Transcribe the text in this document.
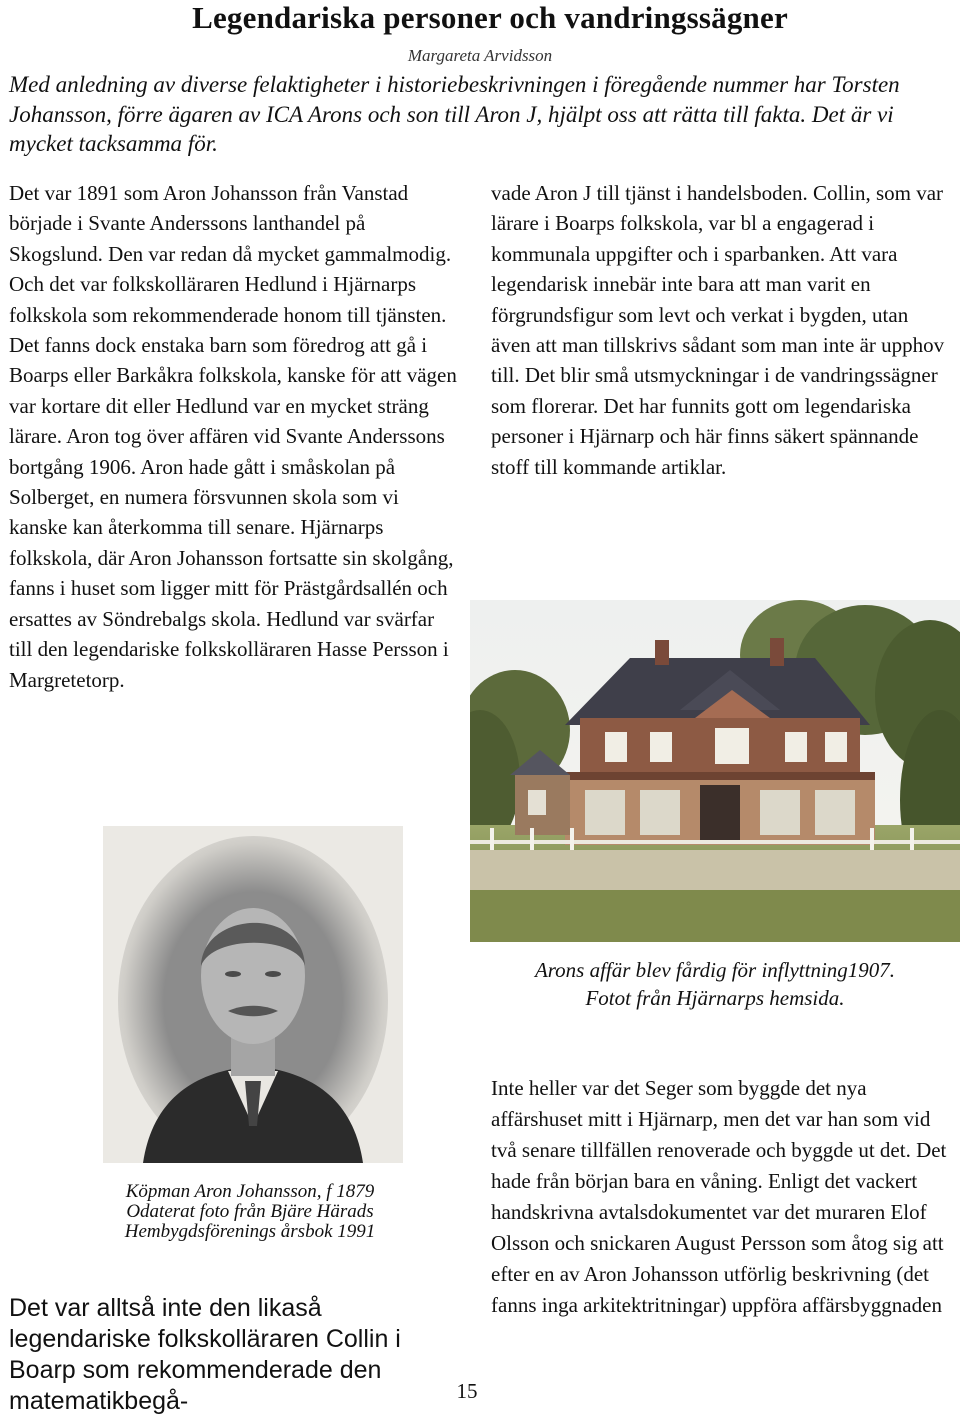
Legendariska personer och vandringssägner
Margareta Arvidsson

Med anledning av diverse felaktigheter i historiebeskrivningen i föregående nummer har Torsten Johansson, förre ägaren av ICA Arons och son till Aron J, hjälpt oss att rätta till fakta. Det är vi mycket tacksamma för.

Det var 1891 som Aron Johansson från Vanstad började i Svante Anderssons lanthandel på Skogslund. Den var redan då mycket gammalmodig. Och det var folkskolläraren Hedlund i Hjärnarps folkskola som rekommenderade honom till tjänsten. Det fanns dock enstaka barn som föredrog att gå i Boarps eller Barkåkra folkskola, kanske för att vägen var kortare dit eller Hedlund var en mycket sträng lärare. Aron tog över affären vid Svante Anderssons bortgång 1906. Aron hade gått i småskolan på Solberget, en numera försvunnen skola som vi kanske kan återkomma till senare. Hjärnarps folkskola, där Aron Johansson fortsatte sin skolgång, fanns i huset som ligger mitt för Prästgårdsallén och ersattes av Söndrebalgs skola. Hedlund var svärfar till den legendariske folkskolläraren Hasse Persson i Margretetorp.

vade Aron J till tjänst i handelsboden. Collin, som var lärare i Boarps folkskola, var bl a engagerad i kommunala uppgifter och i sparbanken. Att vara legendarisk innebär inte bara att man varit en förgrundsfigur som levt och verkat i bygden, utan även att man tillskrivs sådant som man inte är upphov till. Det blir små utsmyckningar i de vandringssägner som florerar. Det har funnits gott om legendariska personer i Hjärnarp och här finns säkert spännande stoff till kommande artiklar.

Arons affär blev fårdig för inflyttning1907.
Fotot från Hjärnarps hemsida.
Köpman Aron Johansson, f 1879
Odaterat foto från Bjäre Härads
Hembygdsförenings årsbok 1991

Det var alltså inte den likaså legendariske folkskolläraren Collin i Boarp som rekommenderade den matematikbegå-

Inte heller var det Seger som byggde det nya affärshuset mitt i Hjärnarp, men det var han som vid två senare tillfällen renoverade och byggde ut det. Det hade från början bara en våning. Enligt det vackert handskrivna avtalsdokumentet var det muraren Elof Olsson och snickaren August Persson som åtog sig att efter en av Aron Johansson utförlig beskrivning (det fanns inga arkitektritningar) uppföra affärsbyggnaden

15
